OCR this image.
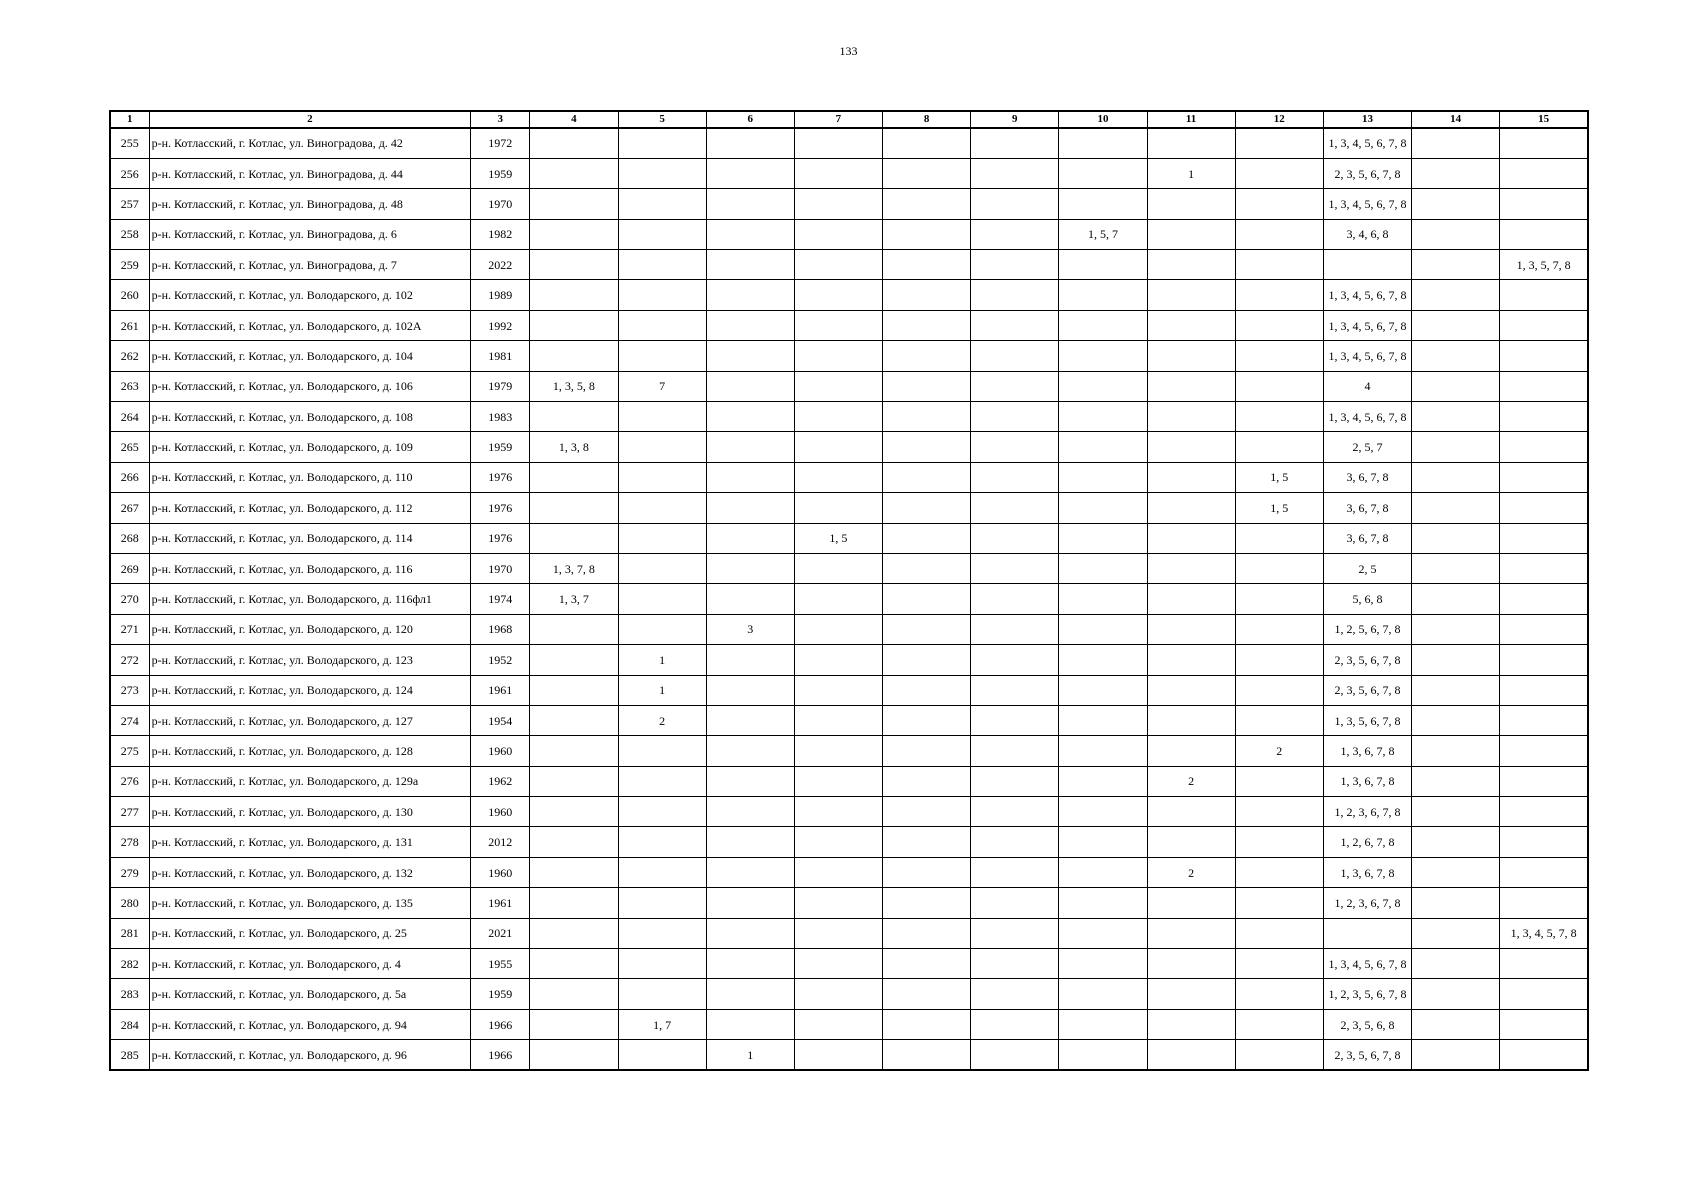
133
1	2	3	4	5	6	7	8	9	10	11	12	13	14	15
255	р-н. Котласский, г. Котлас, ул. Виноградова, д. 42	1972										1, 3, 4, 5, 6, 7, 8		
256	р-н. Котласский, г. Котлас, ул. Виноградова, д. 44	1959								1		2, 3, 5, 6, 7, 8		
257	р-н. Котласский, г. Котлас, ул. Виноградова, д. 48	1970										1, 3, 4, 5, 6, 7, 8		
258	р-н. Котласский, г. Котлас, ул. Виноградова, д. 6	1982							1, 5, 7			3, 4, 6, 8		
259	р-н. Котласский, г. Котлас, ул. Виноградова, д. 7	2022												1, 3, 5, 7, 8
260	р-н. Котласский, г. Котлас, ул. Володарского, д. 102	1989										1, 3, 4, 5, 6, 7, 8		
261	р-н. Котласский, г. Котлас, ул. Володарского, д. 102А	1992										1, 3, 4, 5, 6, 7, 8		
262	р-н. Котласский, г. Котлас, ул. Володарского, д. 104	1981										1, 3, 4, 5, 6, 7, 8		
263	р-н. Котласский, г. Котлас, ул. Володарского, д. 106	1979	1, 3, 5, 8	7								4		
264	р-н. Котласский, г. Котлас, ул. Володарского, д. 108	1983										1, 3, 4, 5, 6, 7, 8		
265	р-н. Котласский, г. Котлас, ул. Володарского, д. 109	1959	1, 3, 8									2, 5, 7		
266	р-н. Котласский, г. Котлас, ул. Володарского, д. 110	1976									1, 5	3, 6, 7, 8		
267	р-н. Котласский, г. Котлас, ул. Володарского, д. 112	1976									1, 5	3, 6, 7, 8		
268	р-н. Котласский, г. Котлас, ул. Володарского, д. 114	1976				1, 5						3, 6, 7, 8		
269	р-н. Котласский, г. Котлас, ул. Володарского, д. 116	1970	1, 3, 7, 8									2, 5		
270	р-н. Котласский, г. Котлас, ул. Володарского, д. 116фл1	1974	1, 3, 7									5, 6, 8		
271	р-н. Котласский, г. Котлас, ул. Володарского, д. 120	1968			3							1, 2, 5, 6, 7, 8		
272	р-н. Котласский, г. Котлас, ул. Володарского, д. 123	1952		1								2, 3, 5, 6, 7, 8		
273	р-н. Котласский, г. Котлас, ул. Володарского, д. 124	1961		1								2, 3, 5, 6, 7, 8		
274	р-н. Котласский, г. Котлас, ул. Володарского, д. 127	1954		2								1, 3, 5, 6, 7, 8		
275	р-н. Котласский, г. Котлас, ул. Володарского, д. 128	1960									2	1, 3, 6, 7, 8		
276	р-н. Котласский, г. Котлас, ул. Володарского, д. 129а	1962								2		1, 3, 6, 7, 8		
277	р-н. Котласский, г. Котлас, ул. Володарского, д. 130	1960										1, 2, 3, 6, 7, 8		
278	р-н. Котласский, г. Котлас, ул. Володарского, д. 131	2012										1, 2, 6, 7, 8		
279	р-н. Котласский, г. Котлас, ул. Володарского, д. 132	1960								2		1, 3, 6, 7, 8		
280	р-н. Котласский, г. Котлас, ул. Володарского, д. 135	1961										1, 2, 3, 6, 7, 8		
281	р-н. Котласский, г. Котлас, ул. Володарского, д. 25	2021												1, 3, 4, 5, 7, 8
282	р-н. Котласский, г. Котлас, ул. Володарского, д. 4	1955										1, 3, 4, 5, 6, 7, 8		
283	р-н. Котласский, г. Котлас, ул. Володарского, д. 5а	1959										1, 2, 3, 5, 6, 7, 8		
284	р-н. Котласский, г. Котлас, ул. Володарского, д. 94	1966		1, 7								2, 3, 5, 6, 8		
285	р-н. Котласский, г. Котлас, ул. Володарского, д. 96	1966			1							2, 3, 5, 6, 7, 8		
